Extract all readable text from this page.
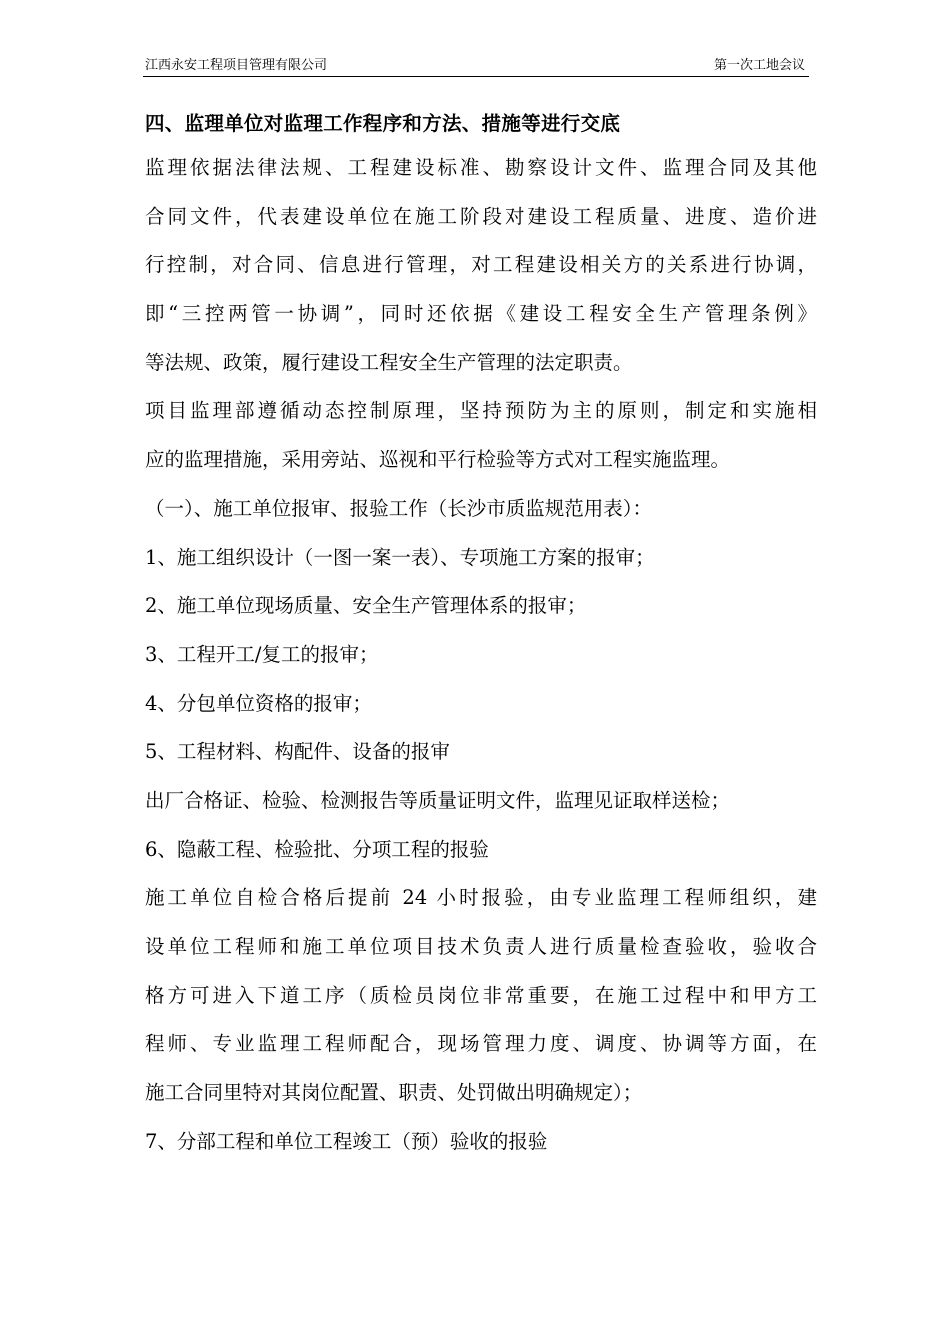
江西永安工程项目管理有限公司	第一次工地会议
四、监理单位对监理工作程序和方法、措施等进行交底
监理依据法律法规、工程建设标准、勘察设计文件、监理合同及其他
合同文件，代表建设单位在施工阶段对建设工程质量、进度、造价进
行控制，对合同、信息进行管理，对工程建设相关方的关系进行协调，
即“三控两管一协调”，同时还依据《建设工程安全生产管理条例》
等法规、政策，履行建设工程安全生产管理的法定职责。
项目监理部遵循动态控制原理，坚持预防为主的原则，制定和实施相
应的监理措施，采用旁站、巡视和平行检验等方式对工程实施监理。
（一）、施工单位报审、报验工作（长沙市质监规范用表）：
1、施工组织设计（一图一案一表）、专项施工方案的报审；
2、施工单位现场质量、安全生产管理体系的报审；
3、工程开工/复工的报审；
4、分包单位资格的报审；
5、工程材料、构配件、设备的报审
出厂合格证、检验、检测报告等质量证明文件，监理见证取样送检；
6、隐蔽工程、检验批、分项工程的报验
施工单位自检合格后提前 24 小时报验，由专业监理工程师组织，建
设单位工程师和施工单位项目技术负责人进行质量检查验收，验收合
格方可进入下道工序（质检员岗位非常重要，在施工过程中和甲方工
程师、专业监理工程师配合，现场管理力度、调度、协调等方面，在
施工合同里特对其岗位配置、职责、处罚做出明确规定）；
7、分部工程和单位工程竣工（预）验收的报验
